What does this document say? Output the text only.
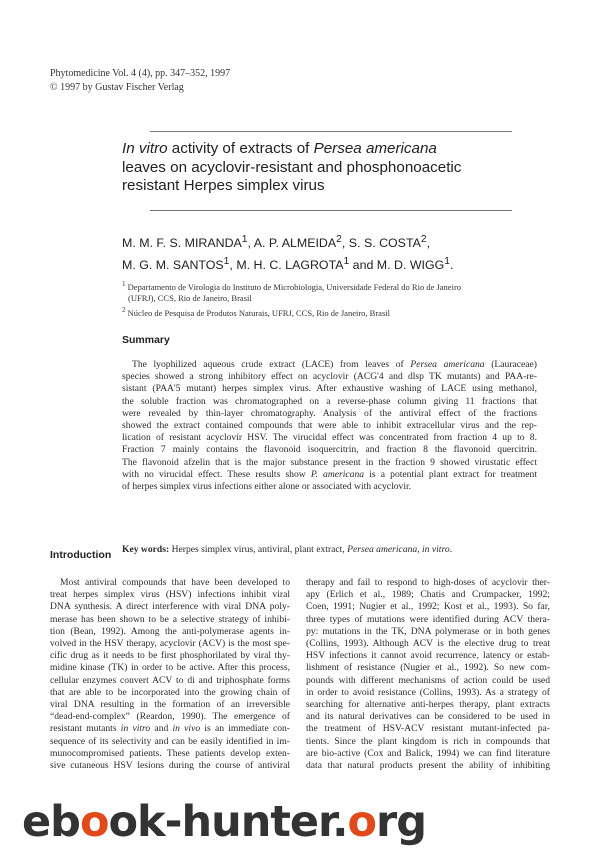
Phytomedicine Vol. 4 (4), pp. 347–352, 1997
© 1997 by Gustav Fischer Verlag
In vitro activity of extracts of Persea americana
leaves on acyclovir-resistant and phosphonoacetic
resistant Herpes simplex virus
M. M. F. S. MIRANDA$^1$, A. P. ALMEIDA$^2$, S. S. COSTA$^2$,
M. G. M. SANTOS$^1$, M. H. C. LAGROTA$^1$ and M. D. WIGG$^1$.
$^1$ Departamento de Virologia do Instituto de Microbiologia, Universidade Federal do Rio de Janeiro
(UFRJ), CCS, Rio de Janeiro, Brasil
$^2$ Núcleo de Pesquisa de Produtos Naturais, UFRJ, CCS, Rio de Janeiro, Brasil
Summary
The lyophilized aqueous crude extract (LACE) from leaves of Persea americana (Lauraceae)
species showed a strong inhibitory effect on acyclovir (ACG'4 and dlsp TK mutants) and PAA-re-
sistant (PAA'5 mutant) herpes simplex virus. After exhaustive washing of LACE using methanol,
the soluble fraction was chromatographed on a reverse-phase column giving 11 fractions that
were revealed by thin-layer chromatography. Analysis of the antiviral effect of the fractions
showed the extract contained compounds that were able to inhibit extracellular virus and the rep-
lication of resistant acyclovir HSV. The virucidal effect was concentrated from fraction 4 up to 8.
Fraction 7 mainly contains the flavonoid isoquercitrin, and fraction 8 the flavonoid quercitrin.
The flavonoid afzelin that is the major substance present in the fraction 9 showed virustatic effect
with no virucidal effect. These results show P. americana is a potential plant extract for treatment
of herpes simplex virus infections either alone or associated with acyclovir.
Key words: Herpes simplex virus, antiviral, plant extract, Persea americana, in vitro.
Introduction
Most antiviral compounds that have been developed to
treat herpes simplex virus (HSV) infections inhibit viral
DNA synthesis. A direct interference with viral DNA poly-
merase has been shown to be a selective strategy of inhibi-
tion (Bean, 1992). Among the anti-polymerase agents in-
volved in the HSV therapy, acyclovir (ACV) is the most spe-
cific drug as it needs to be first phosphorilated by viral thy-
midine kinase (TK) in order to be active. After this process,
cellular enzymes convert ACV to di and triphosphate forms
that are able to be incorporated into the growing chain of
viral DNA resulting in the formation of an irreversible
“dead-end-complex” (Reardon, 1990). The emergence of
resistant mutants in vitro and in vivo is an immediate con-
sequence of its selectivity and can be easily identified in im-
munocompromised patients. These patients develop exten-
sive cutaneous HSV lesions during the course of antiviral
therapy and fail to respond to high-doses of acyclovir ther-
apy (Erlich et al., 1989; Chatis and Crumpacker, 1992;
Coen, 1991; Nugier et al., 1992; Kost et al., 1993). So far,
three types of mutations were identified during ACV thera-
py: mutations in the TK, DNA polymerase or in both genes
(Collins, 1993). Although ACV is the elective drug to treat
HSV infections it cannot avoid recurrence, latency or estab-
lishment of resistance (Nugier et al., 1992). So new com-
pounds with different mechanisms of action could be used
in order to avoid resistance (Collins, 1993). As a strategy of
searching for alternative anti-herpes therapy, plant extracts
and its natural derivatives can be considered to be used in
the treatment of HSV-ACV resistant mutant-infected pa-
tients. Since the plant kingdom is rich in compounds that
are bio-active (Cox and Balick, 1994) we can find literature
data that natural products present the ability of inhibiting
ebook-hunter.org
